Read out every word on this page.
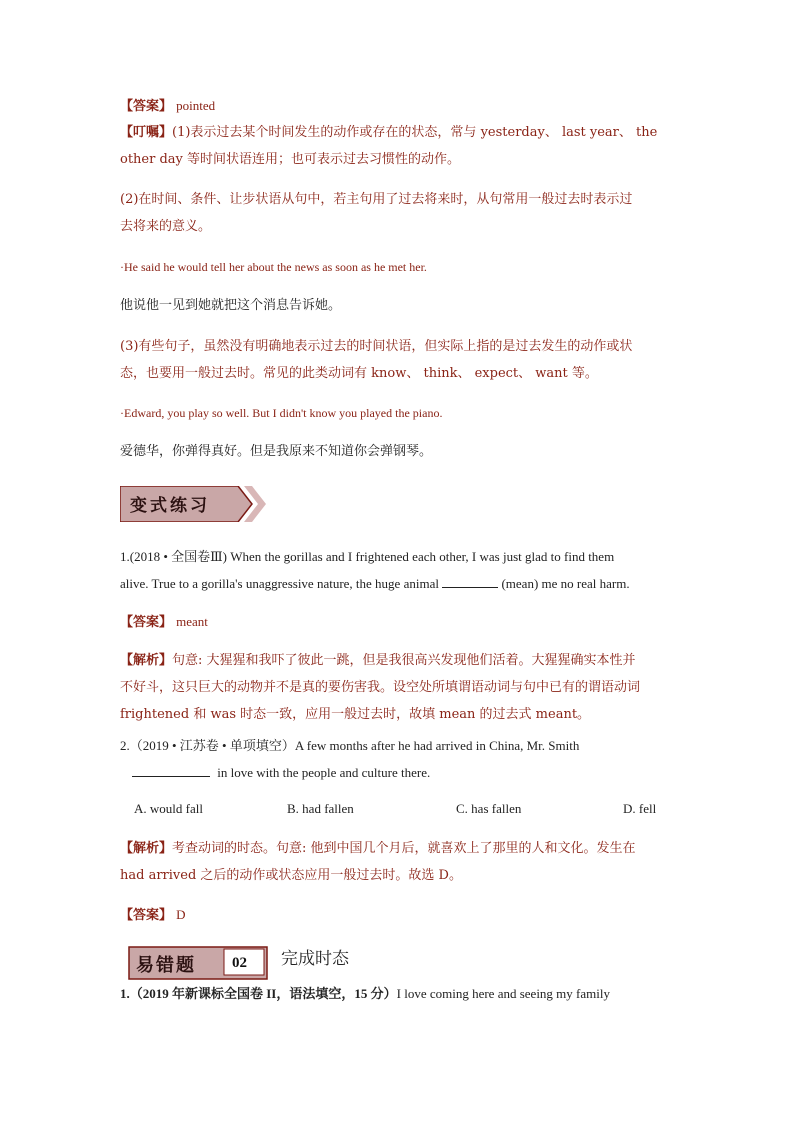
【答案】 pointed
【叮嘱】(1)表示过去某个时间发生的动作或存在的状态，常与 yesterday、 last year、 the
other day 等时间状语连用；也可表示过去习惯性的动作。
(2)在时间、条件、让步状语从句中，若主句用了过去将来时，从句常用一般过去时表示过
去将来的意义。
·He said he would tell her about the news as soon as he met her.
他说他一见到她就把这个消息告诉她。
(3)有些句子，虽然没有明确地表示过去的时间状语，但实际上指的是过去发生的动作或状
态，也要用一般过去时。常见的此类动词有 know、 think、 expect、 want 等。
·Edward, you play so well. But I didn't know you played the piano.
爱德华，你弹得真好。但是我原来不知道你会弹钢琴。
变式练习
1.(2018 • 全国卷Ⅲ) When the gorillas and I frightened each other, I was just glad to find them
alive. True to a gorilla's unaggressive nature, the huge animal	(mean) me no real harm.
【答案】 meant
【解析】句意: 大猩猩和我吓了彼此一跳，但是我很高兴发现他们活着。大猩猩确实本性并
不好斗，这只巨大的动物并不是真的要伤害我。设空处所填谓语动词与句中已有的谓语动词
frightened 和 was 时态一致，应用一般过去时，故填 mean 的过去式 meant。
2.（2019 • 江苏卷 • 单项填空）A few months after he had arrived in China, Mr. Smith
in love with the people and culture there.
A. would fall	B. had fallen	C. has fallen	D. fell
【解析】考查动词的时态。句意: 他到中国几个月后，就喜欢上了那里的人和文化。发生在
had arrived 之后的动作或状态应用一般过去时。故选 D。
【答案】 D
易错题 02 完成时态
1.（2019 年新课标全国卷 II，语法填空，15 分）I love coming here and seeing my family
